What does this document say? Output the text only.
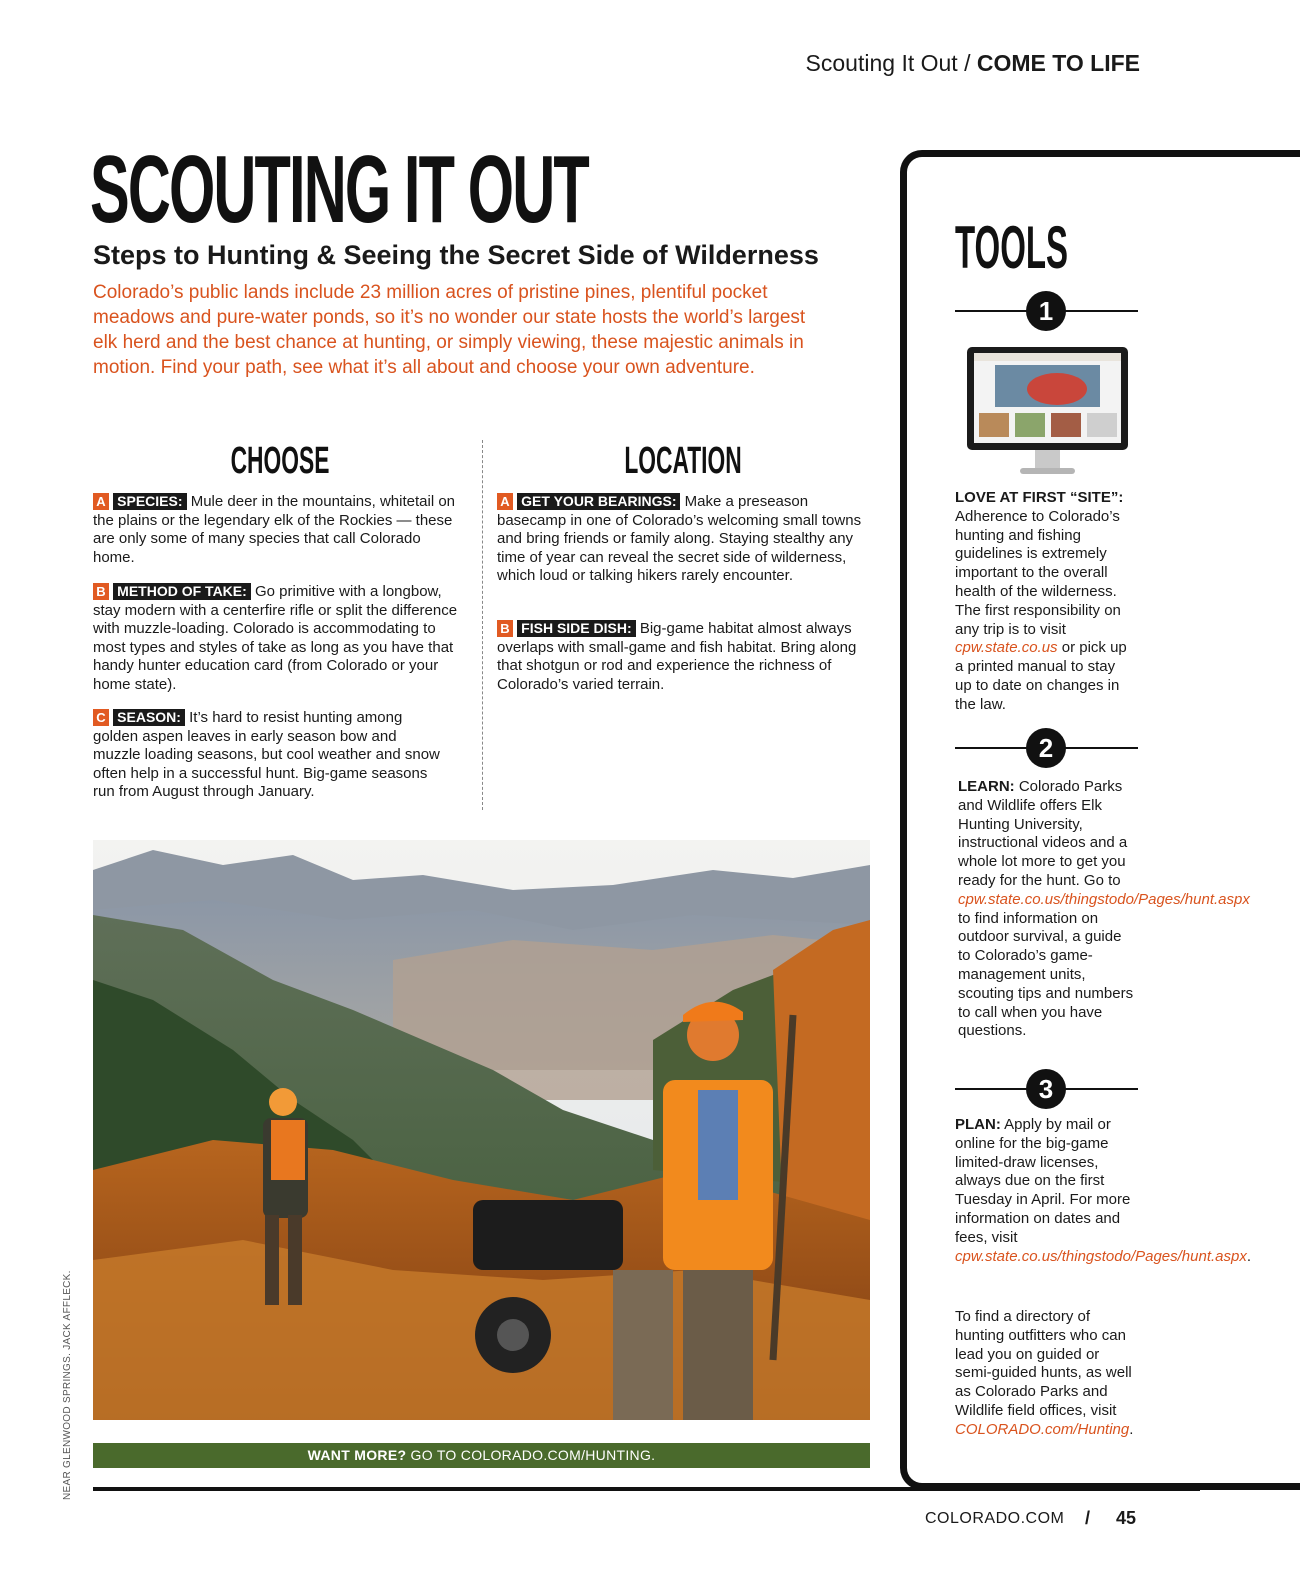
Scouting It Out / COME TO LIFE
SCOUTING IT OUT
Steps to Hunting & Seeing the Secret Side of Wilderness
Colorado’s public lands include 23 million acres of pristine pines, plentiful pocket meadows and pure-water ponds, so it’s no wonder our state hosts the world’s largest elk herd and the best chance at hunting, or simply viewing, these majestic animals in motion. Find your path, see what it’s all about and choose your own adventure.
CHOOSE
A SPECIES: Mule deer in the mountains, whitetail on the plains or the legendary elk of the Rockies — these are only some of many species that call Colorado home.
B METHOD OF TAKE: Go primitive with a longbow, stay modern with a centerfire rifle or split the difference with muzzle-loading. Colorado is accommodating to most types and styles of take as long as you have that handy hunter education card (from Colorado or your home state).
C SEASON: It’s hard to resist hunting among golden aspen leaves in early season bow and muzzle loading seasons, but cool weather and snow often help in a successful hunt. Big-game seasons run from August through January.
LOCATION
A GET YOUR BEARINGS: Make a preseason basecamp in one of Colorado’s welcoming small towns and bring friends or family along. Staying stealthy any time of year can reveal the secret side of wilderness, which loud or talking hikers rarely encounter.
B FISH SIDE DISH: Big-game habitat almost always overlaps with small-game and fish habitat. Bring along that shotgun or rod and experience the richness of Colorado’s varied terrain.
WANT MORE? GO TO COLORADO.COM/HUNTING.
NEAR GLENWOOD SPRINGS. JACK AFFLECK.
TOOLS
1
LOVE AT FIRST “SITE”: Adherence to Colorado’s hunting and fishing guidelines is extremely important to the overall health of the wilderness. The first responsibility on any trip is to visit cpw.state.co.us or pick up a printed manual to stay up to date on changes in the law.
2
LEARN: Colorado Parks and Wildlife offers Elk Hunting University, instructional videos and a whole lot more to get you ready for the hunt. Go to cpw.state.co.us/thingstodo/Pages/hunt.aspx to find information on outdoor survival, a guide to Colorado’s game-management units, scouting tips and numbers to call when you have questions.
3
PLAN: Apply by mail or online for the big-game limited-draw licenses, always due on the first Tuesday in April. For more information on dates and fees, visit cpw.state.co.us/thingstodo/Pages/hunt.aspx.
To find a directory of hunting outfitters who can lead you on guided or semi-guided hunts, as well as Colorado Parks and Wildlife field offices, visit COLORADO.com/Hunting.
COLORADO.COM / 45
